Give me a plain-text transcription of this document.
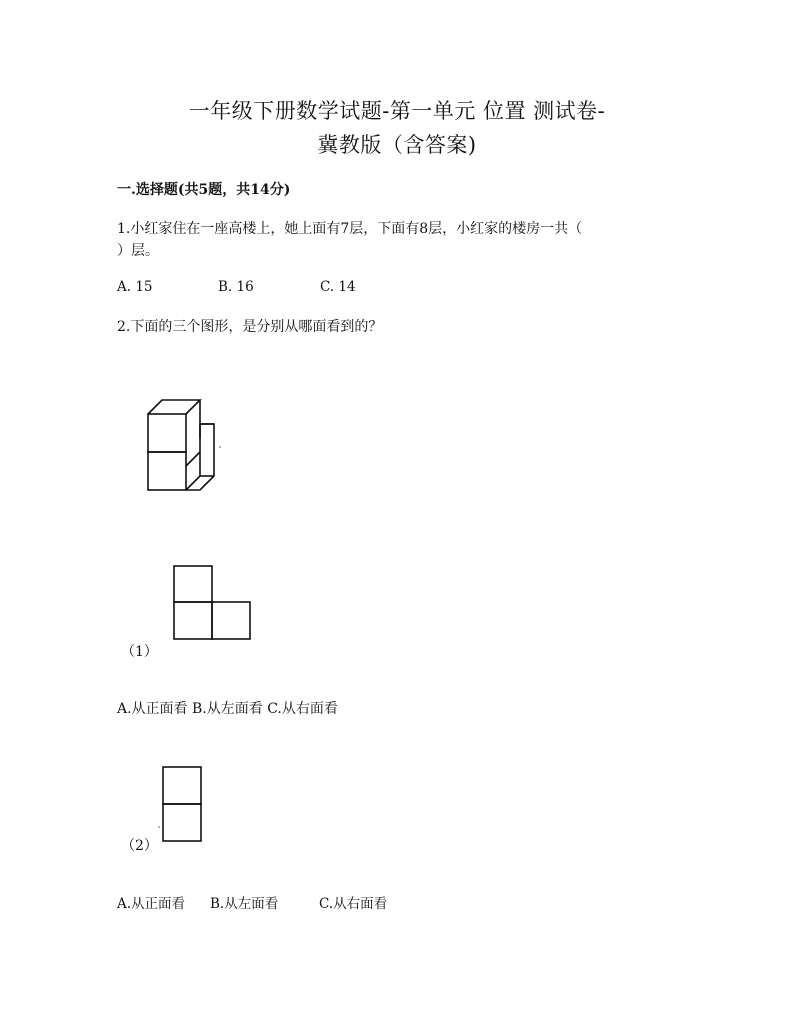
一年级下册数学试题-第一单元 位置 测试卷-
冀教版（含答案)
一.选择题(共5题，共14分)
1.小红家住在一座高楼上，她上面有7层，下面有8层，小红家的楼房一共（
）层。
A. 15	B. 16	C. 14
2.下面的三个图形，是分别从哪面看到的？
（1）
A.从正面看 B.从左面看 C.从右面看
（2）
A.从正面看 B.从左面看	C.从右面看
